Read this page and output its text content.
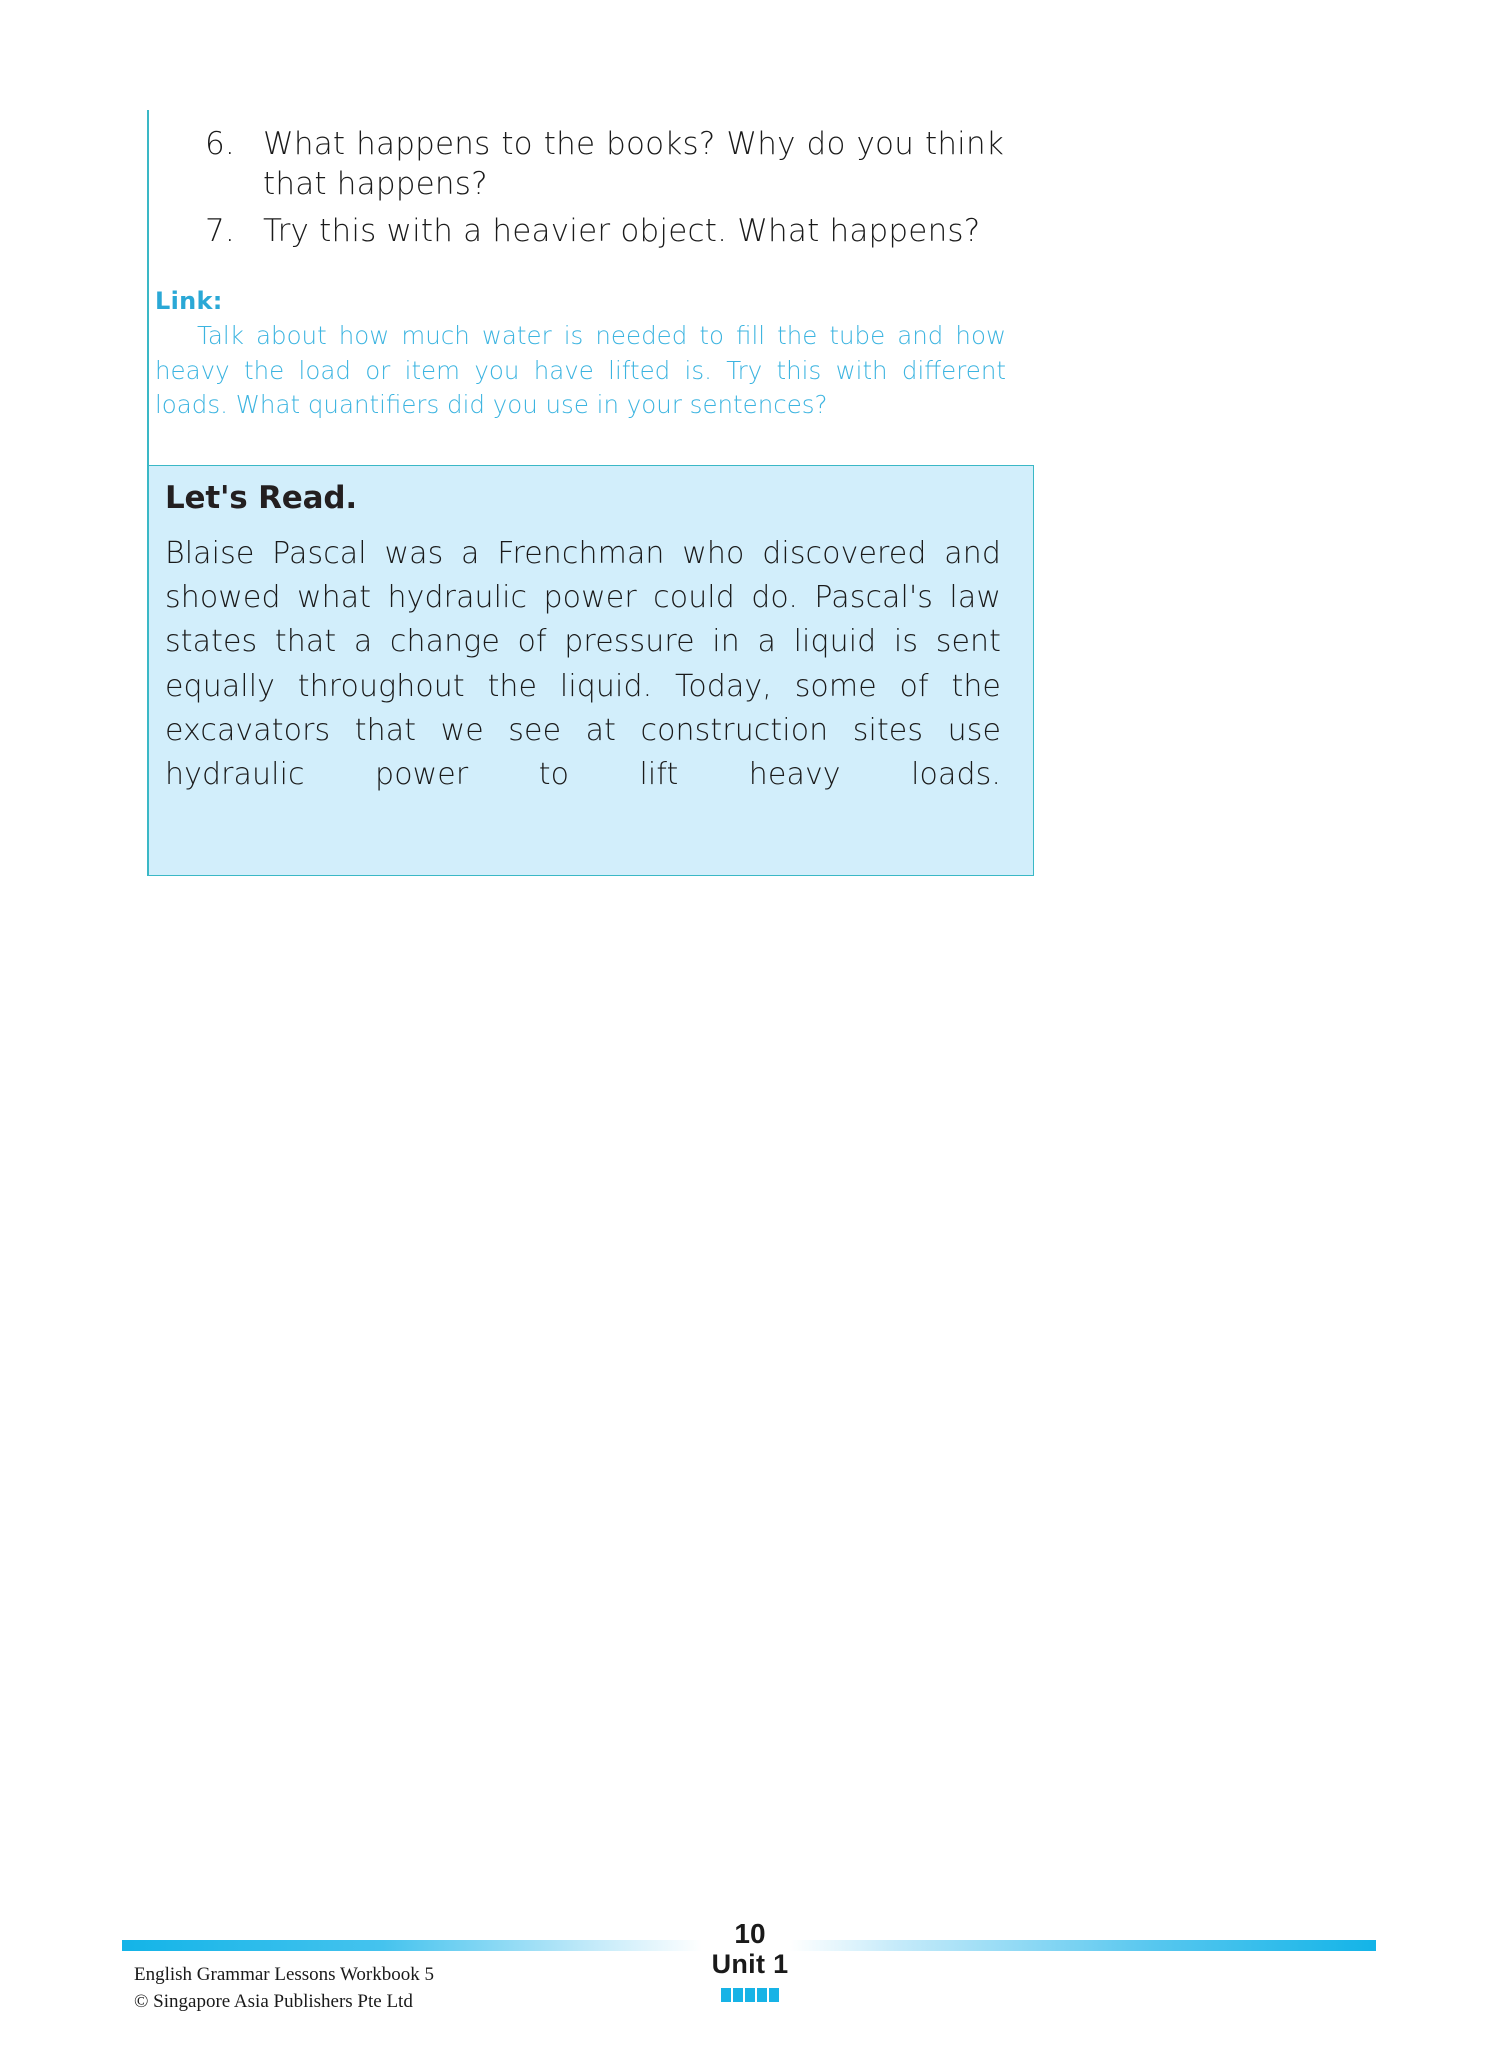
6. What happens to the books? Why do you think that happens?
7. Try this with a heavier object. What happens?
Link:
Talk about how much water is needed to fill the tube and how heavy the load or item you have lifted is. Try this with different loads. What quantifiers did you use in your sentences?
Let's Read.
Blaise Pascal was a Frenchman who discovered and showed what hydraulic power could do. Pascal's law states that a change of pressure in a liquid is sent equally throughout the liquid. Today, some of the excavators that we see at construction sites use hydraulic power to lift heavy loads.
English Grammar Lessons Workbook 5
© Singapore Asia Publishers Pte Ltd
10
Unit 1
